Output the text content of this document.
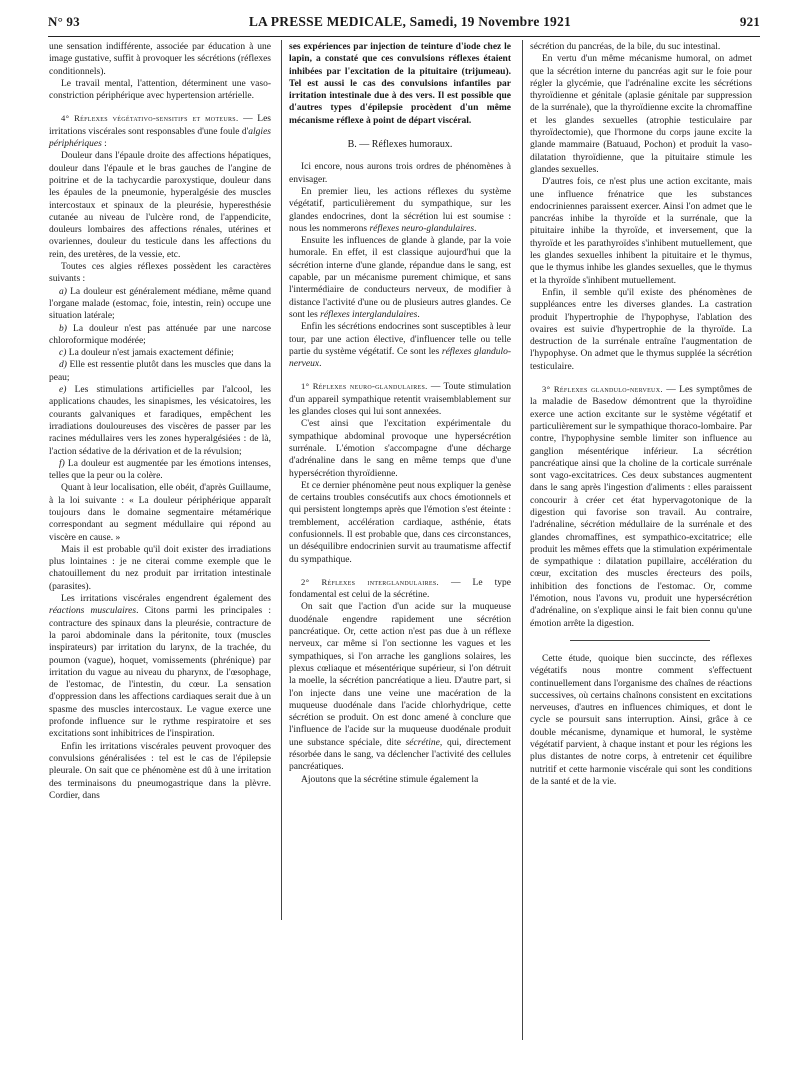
N° 93	LA PRESSE MEDICALE, Samedi, 19 Novembre 1921	921

une sensation indifférente, associée par éducation à une image gustative, suffit à provoquer les sécrétions (réflexes conditionnels).

Le travail mental, l'attention, déterminent une vaso-constriction périphérique avec hypertension artérielle.

4° Réflexes végétativo-sensitifs et moteurs. — Les irritations viscérales sont responsables d'une foule d'algies périphériques :

Douleur dans l'épaule droite des affections hépatiques, douleur dans l'épaule et le bras gauches de l'angine de poitrine et de la tachycardie paroxystique, douleur dans les épaules de la pneumonie, hyperalgésie des muscles intercostaux et spinaux de la pleurésie, hyperesthésie cutanée au niveau de l'ulcère rond, de l'appendicite, douleurs lombaires des affections rénales, utérines et ovariennes, douleur du testicule dans les affections du rein, des uretères, de la vessie, etc.

Toutes ces algies réflexes possèdent les caractères suivants :

a) La douleur est généralement médiane, même quand l'organe malade (estomac, foie, intestin, rein) occupe une situation latérale;

b) La douleur n'est pas atténuée par une narcose chloroformique modérée;

c) La douleur n'est jamais exactement définie;

d) Elle est ressentie plutôt dans les muscles que dans la peau;

e) Les stimulations artificielles par l'alcool, les applications chaudes, les sinapismes, les vésicatoires, les courants galvaniques et faradiques, empêchent les irradiations douloureuses des viscères de passer par les racines médullaires vers les zones hyperalgésiées : de là, l'action sédative de la dérivation et de la révulsion;

f) La douleur est augmentée par les émotions intenses, telles que la peur ou la colère.

Quant à leur localisation, elle obéit, d'après Guillaume, à la loi suivante : « La douleur périphérique apparaît toujours dans le domaine segmentaire métamérique correspondant au segment médullaire qui répond au viscère en cause. »

Mais il est probable qu'il doit exister des irradiations plus lointaines : je ne citerai comme exemple que le chatouillement du nez produit par irritation intestinale (parasites).

Les irritations viscérales engendrent également des réactions musculaires. Citons parmi les principales : contracture des spinaux dans la pleurésie, contracture de la paroi abdominale dans la péritonite, toux (muscles inspirateurs) par irritation du larynx, de la trachée, du poumon (vague), hoquet, vomissements (phrénique) par irritation du vague au niveau du pharynx, de l'œsophage, de l'estomac, de l'intestin, du cœur. La sensation d'oppression dans les affections cardiaques serait due à un spasme des muscles intercostaux. Le vague exerce une profonde influence sur le rythme respiratoire et ses excitations sont inhibitrices de l'inspiration.

Enfin les irritations viscérales peuvent provoquer des convulsions généralisées : tel est le cas de l'épilepsie pleurale. On sait que ce phénomène est dû à une irritation des terminaisons du pneumogastrique dans la plèvre. Cordier, dans

ses expériences par injection de teinture d'iode chez le lapin, a constaté que ces convulsions réflexes étaient inhibées par l'excitation de la pituitaire (trijumeau). Tel est aussi le cas des convulsions infantiles par irritation intestinale due à des vers. Il est possible que d'autres types d'épilepsie procèdent d'un même mécanisme réflexe à point de départ viscéral.

B. — Réflexes humoraux.

Ici encore, nous aurons trois ordres de phénomènes à envisager.

En premier lieu, les actions réflexes du système végétatif, particulièrement du sympathique, sur les glandes endocrines, dont la sécrétion lui est soumise : nous les nommerons réflexes neuro-glandulaires.

Ensuite les influences de glande à glande, par la voie humorale. En effet, il est classique aujourd'hui que la sécrétion interne d'une glande, répandue dans le sang, est capable, par un mécanisme purement chimique, et sans l'intermédiaire de conducteurs nerveux, de modifier à distance l'activité d'une ou de plusieurs autres glandes. Ce sont les réflexes interglandulaires.

Enfin les sécrétions endocrines sont susceptibles à leur tour, par une action élective, d'influencer telle ou telle partie du système végétatif. Ce sont les réflexes glandulo-nerveux.

1° Réflexes neuro-glandulaires. — Toute stimulation d'un appareil sympathique retentit vraisemblablement sur les glandes closes qui lui sont annexées.

C'est ainsi que l'excitation expérimentale du sympathique abdominal provoque une hypersécrétion surrénale. L'émotion s'accompagne d'une décharge d'adrénaline dans le sang en même temps que d'une hypersécrétion thyroïdienne.

Et ce dernier phénomène peut nous expliquer la genèse de certains troubles consécutifs aux chocs émotionnels et qui persistent longtemps après que l'émotion s'est éteinte : tremblement, accélération cardiaque, asthénie, états confusionnels. Il est probable que, dans ces circonstances, un déséquilibre endocrinien survit au traumatisme affectif du sympathique.

2° Réflexes interglandulaires. — Le type fondamental est celui de la sécrétine.

On sait que l'action d'un acide sur la muqueuse duodénale engendre rapidement une sécrétion pancréatique. Or, cette action n'est pas due à un réflexe nerveux, car même si l'on sectionne les vagues et les sympathiques, si l'on arrache les ganglions solaires, les plexus cœliaque et mésentérique supérieur, si l'on détruit la moelle, la sécrétion pancréatique a lieu. D'autre part, si l'on injecte dans une veine une macération de la muqueuse duodénale dans l'acide chlorhydrique, cette sécrétion se produit. On est donc amené à conclure que l'influence de l'acide sur la muqueuse duodénale produit une substance spéciale, dite sécrétine, qui, directement résorbée dans le sang, va déclencher l'activité des cellules pancréatiques.

Ajoutons que la sécrétine stimule également la

sécrétion du pancréas, de la bile, du suc intestinal.

En vertu d'un même mécanisme humoral, on admet que la sécrétion interne du pancréas agit sur le foie pour régler la glycémie, que l'adrénaline excite les sécrétions thyroïdienne et génitale (aplasie génitale par suppression de la surrénale), que la thyroïdienne excite la chromaffine et les glandes sexuelles (atrophie testiculaire par thyroïdectomie), que l'hormone du corps jaune excite la glande mammaire (Batuaud, Pochon) et produit la vaso-dilatation thyroïdienne, que la pituitaire stimule les glandes sexuelles.

D'autres fois, ce n'est plus une action excitante, mais une influence frénatrice que les substances endocriniennes paraissent exercer. Ainsi l'on admet que le pancréas inhibe la thyroïde et la surrénale, que la pituitaire inhibe la thyroïde, et inversement, que la thyroïde et les parathyroïdes s'inhibent mutuellement, que les glandes sexuelles inhibent la pituitaire et le thymus, que le thymus inhibe les glandes sexuelles, que le thymus et la thyroïde s'inhibent mutuellement.

Enfin, il semble qu'il existe des phénomènes de suppléances entre les diverses glandes. La castration produit l'hypertrophie de l'hypophyse, l'ablation des ovaires est suivie d'hypertrophie de la thyroïde. La destruction de la surrénale entraîne l'augmentation de l'hypophyse. On admet que le thymus supplée la sécrétion testiculaire.

3° Réflexes glandulo-nerveux. — Les symptômes de la maladie de Basedow démontrent que la thyroïdine exerce une action excitante sur le système végétatif et particulièrement sur le sympathique thoraco-lombaire. Par contre, l'hypophysine semble limiter son influence au ganglion mésentérique inférieur. La sécrétion pancréatique ainsi que la choline de la corticale surrénale sont vago-excitatrices. Ces deux substances augmentent dans le sang après l'ingestion d'aliments : elles paraissent concourir à créer cet état hypervagotonique de la digestion qui favorise son travail. Au contraire, l'adrénaline, sécrétion médullaire de la surrénale et des glandes chromaffines, est sympathico-excitatrice; elle produit les mêmes effets que la stimulation expérimentale de sympathique : dilatation pupillaire, accélération du cœur, excitation des muscles érecteurs des poils, inhibition des fonctions de l'estomac. Or, comme l'émotion, nous l'avons vu, produit une hypersécrétion d'adrénaline, on s'explique ainsi le fait bien connu qu'une émotion arrête la digestion.

Cette étude, quoique bien succincte, des réflexes végétatifs nous montre comment s'effectuent continuellement dans l'organisme des chaînes de réactions successives, où certains chaînons consistent en excitations nerveuses, d'autres en influences chimiques, et dont le cycle se poursuit sans interruption. Ainsi, grâce à ce double mécanisme, dynamique et humoral, le système végétatif parvient, à chaque instant et pour les régions les plus distantes de notre corps, à entretenir cet équilibre nutritif et cette harmonie viscérale qui sont les conditions de la santé et de la vie.
